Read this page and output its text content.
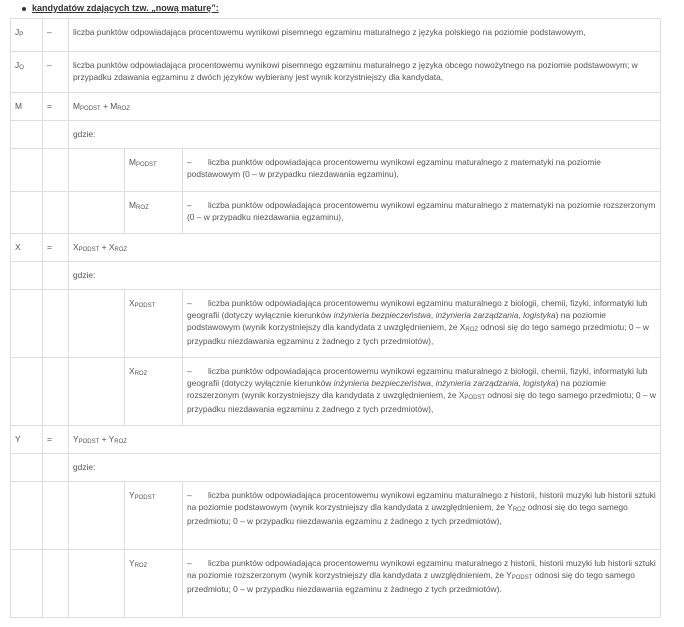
kandydatów zdających tzw. „nową maturę”:
$J_P$	–	liczba punktów odpowiadająca procentowemu wynikowi pisemnego egzaminu maturalnego z języka polskiego na poziomie podstawowym,		
$J_O$	–	liczba punktów odpowiadająca procentowemu wynikowi pisemnego egzaminu maturalnego z języka obcego nowożytnego na poziomie podstawowym; w przypadku zdawania egzaminu z dwóch języków wybierany jest wynik korzystniejszy dla kandydata,		
M	=	$M_{PODST} + M_{ROZ}$
		gdzie:		
			$M_{PODST}$	– liczba punktów odpowiadająca procentowemu wynikowi egzaminu maturalnego z matematyki na poziomie podstawowym (0 – w przypadku niezdawania egzaminu),
			$M_{ROZ}$	– liczba punktów odpowiadająca procentowemu wynikowi egzaminu maturalnego z matematyki na poziomie rozszerzonym (0 – w przypadku niezdawania egzaminu),
X	=	$X_{PODST} + X_{ROZ}$
		gdzie:		
			$X_{PODST}$	– liczba punktów odpowiadająca procentowemu wynikowi egzaminu maturalnego z biologii, chemii, fizyki, informatyki lub geografii (dotyczy wyłącznie kierunków inżynieria bezpieczeństwa, inżynieria zarządzania, logistyka) na poziomie podstawowym (wynik korzystniejszy dla kandydata z uwzględnieniem, że $X_{ROZ}$ odnosi się do tego samego przedmiotu; 0 – w przypadku niezdawania egzaminu z żadnego z tych przedmiotów),
			$X_{ROZ}$	– liczba punktów odpowiadająca procentowemu wynikowi egzaminu maturalnego z biologii, chemii, fizyki, informatyki lub geografii (dotyczy wyłącznie kierunków inżynieria bezpieczeństwa, inżynieria zarządzania, logistyka) na poziomie rozszerzonym (wynik korzystniejszy dla kandydata z uwzględnieniem, że $X_{PODST}$ odnosi się do tego samego przedmiotu; 0 – w przypadku niezdawania egzaminu z żadnego z tych przedmiotów),
Y	=	$Y_{PODST} + Y_{ROZ}$
		gdzie:		
			$Y_{PODST}$	– liczba punktów odpowiadająca procentowemu wynikowi egzaminu maturalnego z historii, historii muzyki lub historii sztuki na poziomie podstawowym (wynik korzystniejszy dla kandydata z uwzględnieniem, że $Y_{ROZ}$ odnosi się do tego samego przedmiotu; 0 – w przypadku niezdawania egzaminu z żadnego z tych przedmiotów),
			$Y_{ROZ}$	– liczba punktów odpowiadająca procentowemu wynikowi egzaminu maturalnego z historii, historii muzyki lub historii sztuki na poziomie rozszerzonym (wynik korzystniejszy dla kandydata z uwzględnieniem, że $Y_{PODST}$ odnosi się do tego samego przedmiotu; 0 – w przypadku niezdawania egzaminu z żadnego z tych przedmiotów).
